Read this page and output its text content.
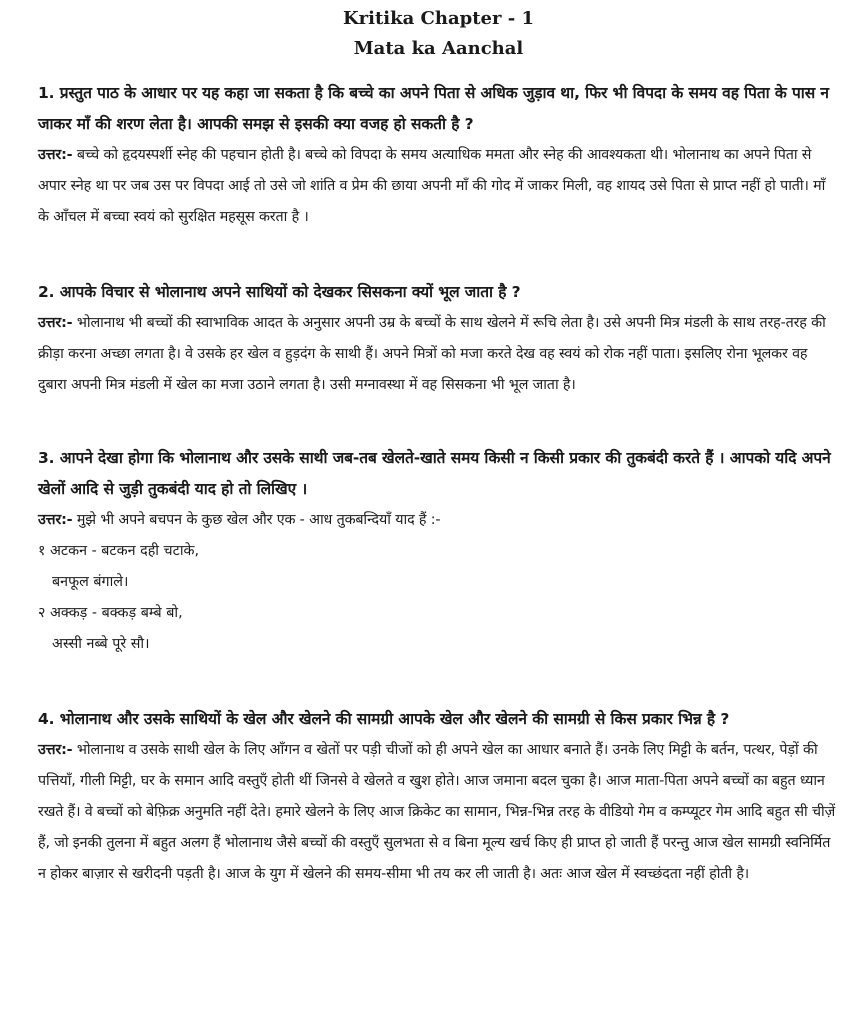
Kritika Chapter - 1
Mata ka Aanchal

1. प्रस्तुत पाठ के आधार पर यह कहा जा सकता है कि बच्चे का अपने पिता से अधिक जुड़ाव था, फिर भी विपदा के समय वह पिता के पास न जाकर माँ की शरण लेता है। आपकी समझ से इसकी क्या वजह हो सकती है ?

उत्तर:- बच्चे को हृदयस्पर्शी स्नेह की पहचान होती है। बच्चे को विपदा के समय अत्याधिक ममता और स्नेह की आवश्यकता थी। भोलानाथ का अपने पिता से अपार स्नेह था पर जब उस पर विपदा आई तो उसे जो शांति व प्रेम की छाया अपनी माँ की गोद में जाकर मिली, वह शायद उसे पिता से प्राप्त नहीं हो पाती। माँ के आँचल में बच्चा स्वयं को सुरक्षित महसूस करता है ।

2. आपके विचार से भोलानाथ अपने साथियों को देखकर सिसकना क्यों भूल जाता है ?

उत्तर:- भोलानाथ भी बच्चों की स्वाभाविक आदत के अनुसार अपनी उम्र के बच्चों के साथ खेलने में रूचि लेता है। उसे अपनी मित्र मंडली के साथ तरह-तरह की क्रीड़ा करना अच्छा लगता है। वे उसके हर खेल व हुड़दंग के साथी हैं। अपने मित्रों को मजा करते देख वह स्वयं को रोक नहीं पाता। इसलिए रोना भूलकर वह दुबारा अपनी मित्र मंडली में खेल का मजा उठाने लगता है। उसी मग्नावस्था में वह सिसकना भी भूल जाता है।

3. आपने देखा होगा कि भोलानाथ और उसके साथी जब-तब खेलते-खाते समय किसी न किसी प्रकार की तुकबंदी करते हैं । आपको यदि अपने खेलों आदि से जुड़ी तुकबंदी याद हो तो लिखिए ।

उत्तर:- मुझे भी अपने बचपन के कुछ खेल और एक - आध तुकबन्दियाँ याद हैं :-

१ अटकन - बटकन दही चटाके,
बनफूल बंगाले।
२ अक्कड़ - बक्कड़ बम्बे बो,
अस्सी नब्बे पूरे सौ।

4. भोलानाथ और उसके साथियों के खेल और खेलने की सामग्री आपके खेल और खेलने की सामग्री से किस प्रकार भिन्न है ?

उत्तर:- भोलानाथ व उसके साथी खेल के लिए आँगन व खेतों पर पड़ी चीजों को ही अपने खेल का आधार बनाते हैं। उनके लिए मिट्टी के बर्तन, पत्थर, पेड़ों की पत्तियाँ, गीली मिट्टी, घर के समान आदि वस्तुएँ होती थीं जिनसे वे खेलते व खुश होते। आज जमाना बदल चुका है। आज माता-पिता अपने बच्चों का बहुत ध्यान रखते हैं। वे बच्चों को बेफ़िक्र अनुमति नहीं देते। हमारे खेलने के लिए आज क्रिकेट का सामान, भिन्न-भिन्न तरह के वीडियो गेम व कम्प्यूटर गेम आदि बहुत सी चीज़ें हैं, जो इनकी तुलना में बहुत अलग हैं भोलानाथ जैसे बच्चों की वस्तुएँ सुलभता से व बिना मूल्य खर्च किए ही प्राप्त हो जाती हैं परन्तु आज खेल सामग्री स्वनिर्मित न होकर बाज़ार से खरीदनी पड़ती है। आज के युग में खेलने की समय-सीमा भी तय कर ली जाती है। अतः आज खेल में स्वच्छंदता नहीं होती है।
